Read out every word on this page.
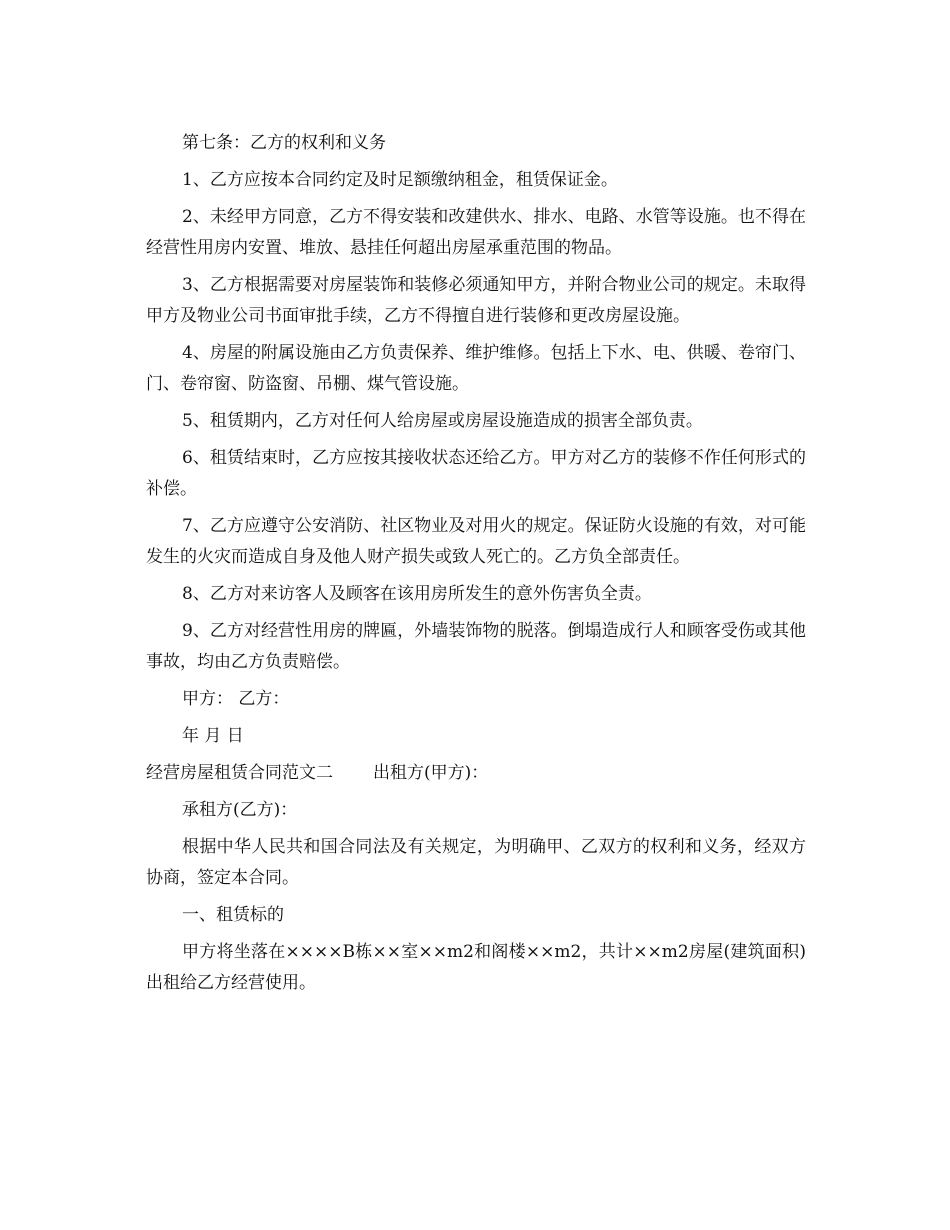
第七条：乙方的权利和义务

1、乙方应按本合同约定及时足额缴纳租金，租赁保证金。

2、未经甲方同意，乙方不得安装和改建供水、排水、电路、水管等设施。也不得在经营性用房内安置、堆放、悬挂任何超出房屋承重范围的物品。

3、乙方根据需要对房屋装饰和装修必须通知甲方，并附合物业公司的规定。未取得甲方及物业公司书面审批手续，乙方不得擅自进行装修和更改房屋设施。

4、房屋的附属设施由乙方负责保养、维护维修。包括上下水、电、供暖、卷帘门、门、卷帘窗、防盗窗、吊棚、煤气管设施。

5、租赁期内，乙方对任何人给房屋或房屋设施造成的损害全部负责。

6、租赁结束时，乙方应按其接收状态还给乙方。甲方对乙方的装修不作任何形式的补偿。

7、乙方应遵守公安消防、社区物业及对用火的规定。保证防火设施的有效，对可能发生的火灾而造成自身及他人财产损失或致人死亡的。乙方负全部责任。

8、乙方对来访客人及顾客在该用房所发生的意外伤害负全责。

9、乙方对经营性用房的牌匾，外墙装饰物的脱落。倒塌造成行人和顾客受伤或其他事故，均由乙方负责赔偿。

甲方： 乙方：

年 月 日

经营房屋租赁合同范文二 出租方(甲方)：

承租方(乙方)：

根据中华人民共和国合同法及有关规定，为明确甲、乙双方的权利和义务，经双方协商，签定本合同。

一、租赁标的

甲方将坐落在××××B栋××室××m2和阁楼××m2，共计××m2房屋(建筑面积)出租给乙方经营使用。
